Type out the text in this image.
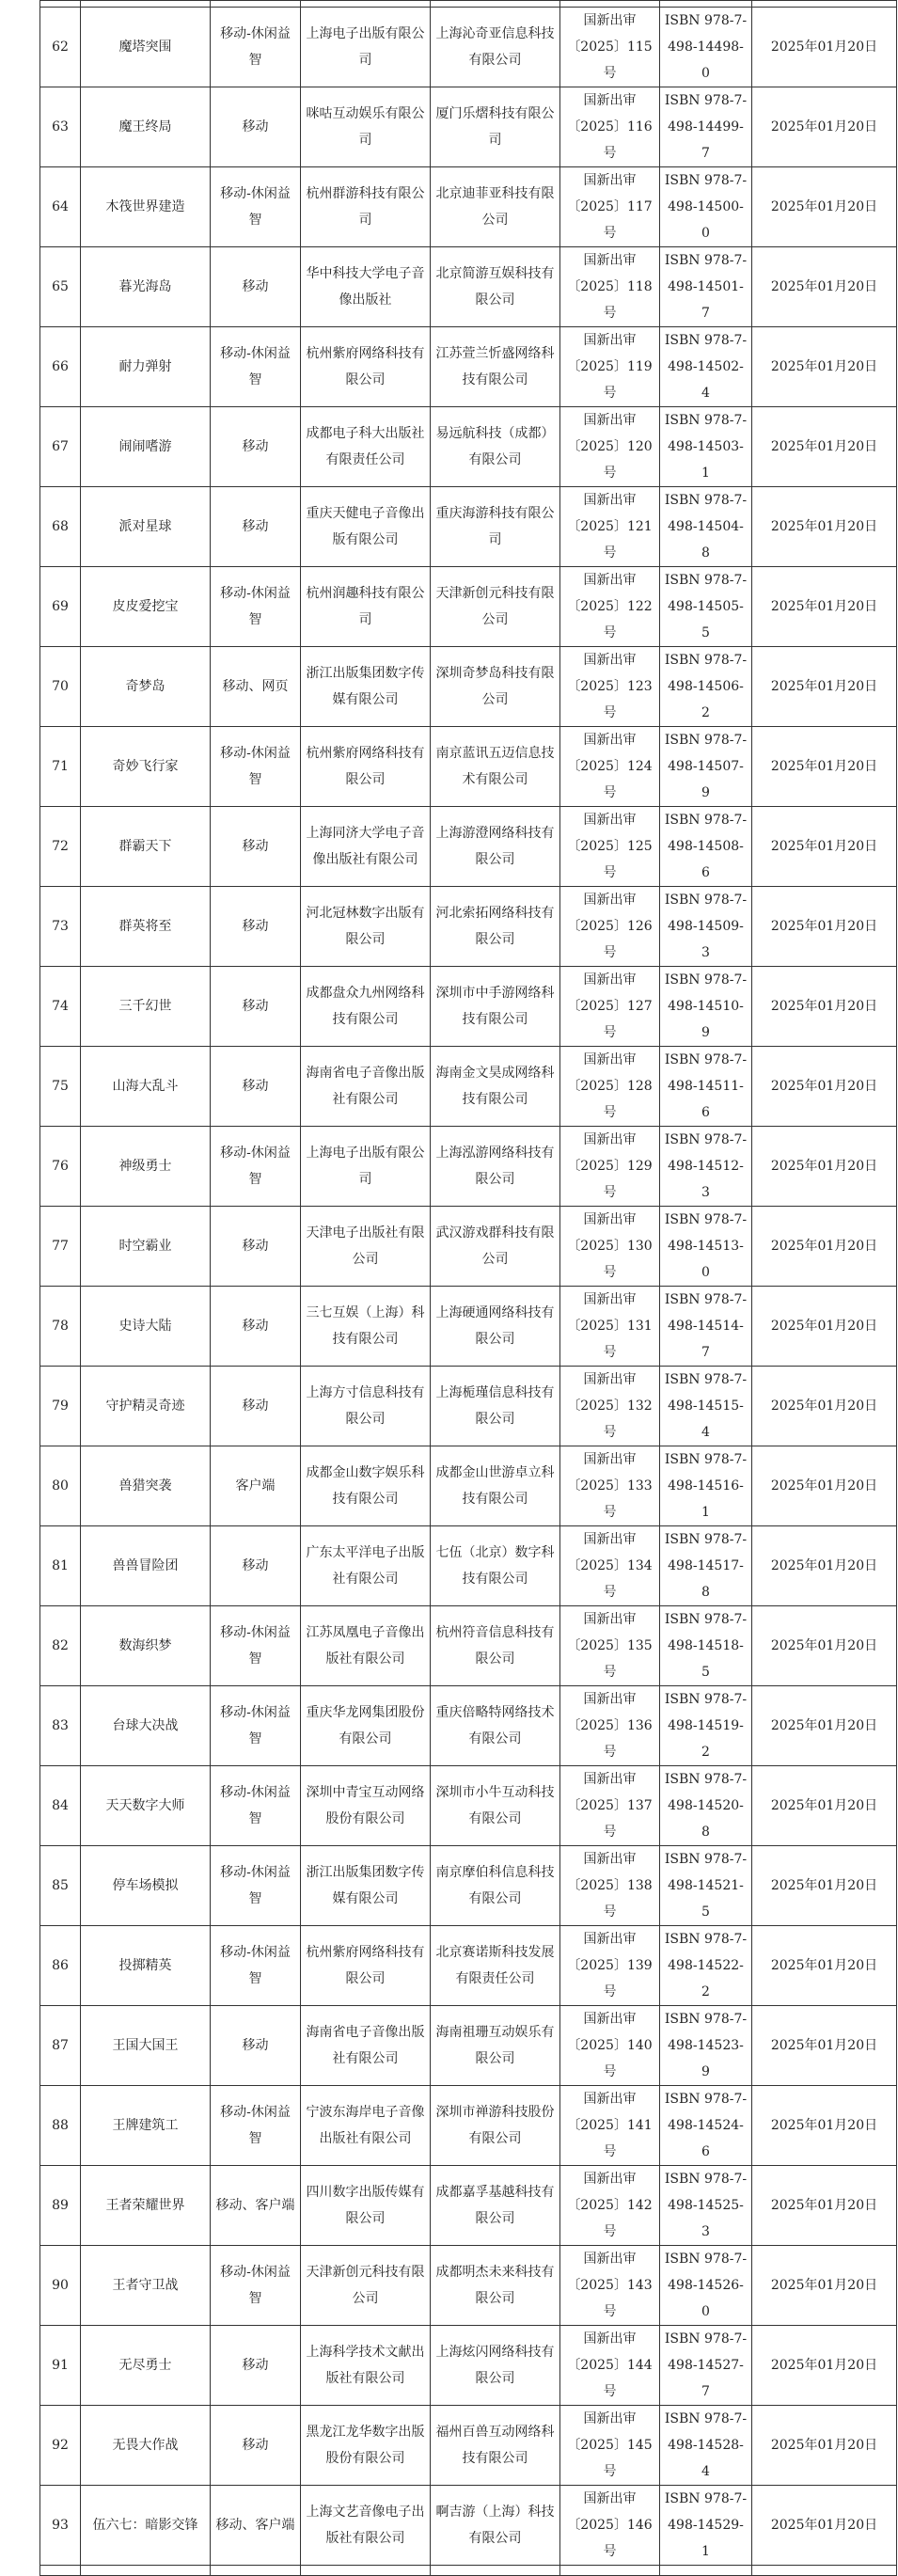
62	魔塔突围	移动-休闲益智	上海电子出版有限公司	上海沁奇亚信息科技有限公司	国新出审〔2025〕115号	ISBN 978-7-498-14498-0	2025年01月20日
63	魔王终局	移动	咪咕互动娱乐有限公司	厦门乐熠科技有限公司	国新出审〔2025〕116号	ISBN 978-7-498-14499-7	2025年01月20日
64	木筏世界建造	移动-休闲益智	杭州群游科技有限公司	北京迪菲亚科技有限公司	国新出审〔2025〕117号	ISBN 978-7-498-14500-0	2025年01月20日
65	暮光海岛	移动	华中科技大学电子音像出版社	北京简游互娱科技有限公司	国新出审〔2025〕118号	ISBN 978-7-498-14501-7	2025年01月20日
66	耐力弹射	移动-休闲益智	杭州紫府网络科技有限公司	江苏萱兰忻盛网络科技有限公司	国新出审〔2025〕119号	ISBN 978-7-498-14502-4	2025年01月20日
67	闹闹嗜游	移动	成都电子科大出版社有限责任公司	易远航科技（成都）有限公司	国新出审〔2025〕120号	ISBN 978-7-498-14503-1	2025年01月20日
68	派对星球	移动	重庆天健电子音像出版有限公司	重庆海游科技有限公司	国新出审〔2025〕121号	ISBN 978-7-498-14504-8	2025年01月20日
69	皮皮爱挖宝	移动-休闲益智	杭州润趣科技有限公司	天津新创元科技有限公司	国新出审〔2025〕122号	ISBN 978-7-498-14505-5	2025年01月20日
70	奇梦岛	移动、网页	浙江出版集团数字传媒有限公司	深圳奇梦岛科技有限公司	国新出审〔2025〕123号	ISBN 978-7-498-14506-2	2025年01月20日
71	奇妙飞行家	移动-休闲益智	杭州紫府网络科技有限公司	南京蓝讯五迈信息技术有限公司	国新出审〔2025〕124号	ISBN 978-7-498-14507-9	2025年01月20日
72	群霸天下	移动	上海同济大学电子音像出版社有限公司	上海游澄网络科技有限公司	国新出审〔2025〕125号	ISBN 978-7-498-14508-6	2025年01月20日
73	群英将至	移动	河北冠林数字出版有限公司	河北索拓网络科技有限公司	国新出审〔2025〕126号	ISBN 978-7-498-14509-3	2025年01月20日
74	三千幻世	移动	成都盘众九州网络科技有限公司	深圳市中手游网络科技有限公司	国新出审〔2025〕127号	ISBN 978-7-498-14510-9	2025年01月20日
75	山海大乱斗	移动	海南省电子音像出版社有限公司	海南金文昊成网络科技有限公司	国新出审〔2025〕128号	ISBN 978-7-498-14511-6	2025年01月20日
76	神级勇士	移动-休闲益智	上海电子出版有限公司	上海泓游网络科技有限公司	国新出审〔2025〕129号	ISBN 978-7-498-14512-3	2025年01月20日
77	时空霸业	移动	天津电子出版社有限公司	武汉游戏群科技有限公司	国新出审〔2025〕130号	ISBN 978-7-498-14513-0	2025年01月20日
78	史诗大陆	移动	三七互娱（上海）科技有限公司	上海硬通网络科技有限公司	国新出审〔2025〕131号	ISBN 978-7-498-14514-7	2025年01月20日
79	守护精灵奇迹	移动	上海方寸信息科技有限公司	上海栀瑾信息科技有限公司	国新出审〔2025〕132号	ISBN 978-7-498-14515-4	2025年01月20日
80	兽猎突袭	客户端	成都金山数字娱乐科技有限公司	成都金山世游卓立科技有限公司	国新出审〔2025〕133号	ISBN 978-7-498-14516-1	2025年01月20日
81	兽兽冒险团	移动	广东太平洋电子出版社有限公司	七伍（北京）数字科技有限公司	国新出审〔2025〕134号	ISBN 978-7-498-14517-8	2025年01月20日
82	数海织梦	移动-休闲益智	江苏凤凰电子音像出版社有限公司	杭州符音信息科技有限公司	国新出审〔2025〕135号	ISBN 978-7-498-14518-5	2025年01月20日
83	台球大决战	移动-休闲益智	重庆华龙网集团股份有限公司	重庆倍略特网络技术有限公司	国新出审〔2025〕136号	ISBN 978-7-498-14519-2	2025年01月20日
84	天天数字大师	移动-休闲益智	深圳中青宝互动网络股份有限公司	深圳市小牛互动科技有限公司	国新出审〔2025〕137号	ISBN 978-7-498-14520-8	2025年01月20日
85	停车场模拟	移动-休闲益智	浙江出版集团数字传媒有限公司	南京摩伯科信息科技有限公司	国新出审〔2025〕138号	ISBN 978-7-498-14521-5	2025年01月20日
86	投掷精英	移动-休闲益智	杭州紫府网络科技有限公司	北京赛诺斯科技发展有限责任公司	国新出审〔2025〕139号	ISBN 978-7-498-14522-2	2025年01月20日
87	王国大国王	移动	海南省电子音像出版社有限公司	海南祖珊互动娱乐有限公司	国新出审〔2025〕140号	ISBN 978-7-498-14523-9	2025年01月20日
88	王牌建筑工	移动-休闲益智	宁波东海岸电子音像出版社有限公司	深圳市禅游科技股份有限公司	国新出审〔2025〕141号	ISBN 978-7-498-14524-6	2025年01月20日
89	王者荣耀世界	移动、客户端	四川数字出版传媒有限公司	成都嘉孚基越科技有限公司	国新出审〔2025〕142号	ISBN 978-7-498-14525-3	2025年01月20日
90	王者守卫战	移动-休闲益智	天津新创元科技有限公司	成都明杰未来科技有限公司	国新出审〔2025〕143号	ISBN 978-7-498-14526-0	2025年01月20日
91	无尽勇士	移动	上海科学技术文献出版社有限公司	上海炫闪网络科技有限公司	国新出审〔2025〕144号	ISBN 978-7-498-14527-7	2025年01月20日
92	无畏大作战	移动	黑龙江龙华数字出版股份有限公司	福州百兽互动网络科技有限公司	国新出审〔2025〕145号	ISBN 978-7-498-14528-4	2025年01月20日
93	伍六七：暗影交锋	移动、客户端	上海文艺音像电子出版社有限公司	啊吉游（上海）科技有限公司	国新出审〔2025〕146号	ISBN 978-7-498-14529-1	2025年01月20日
